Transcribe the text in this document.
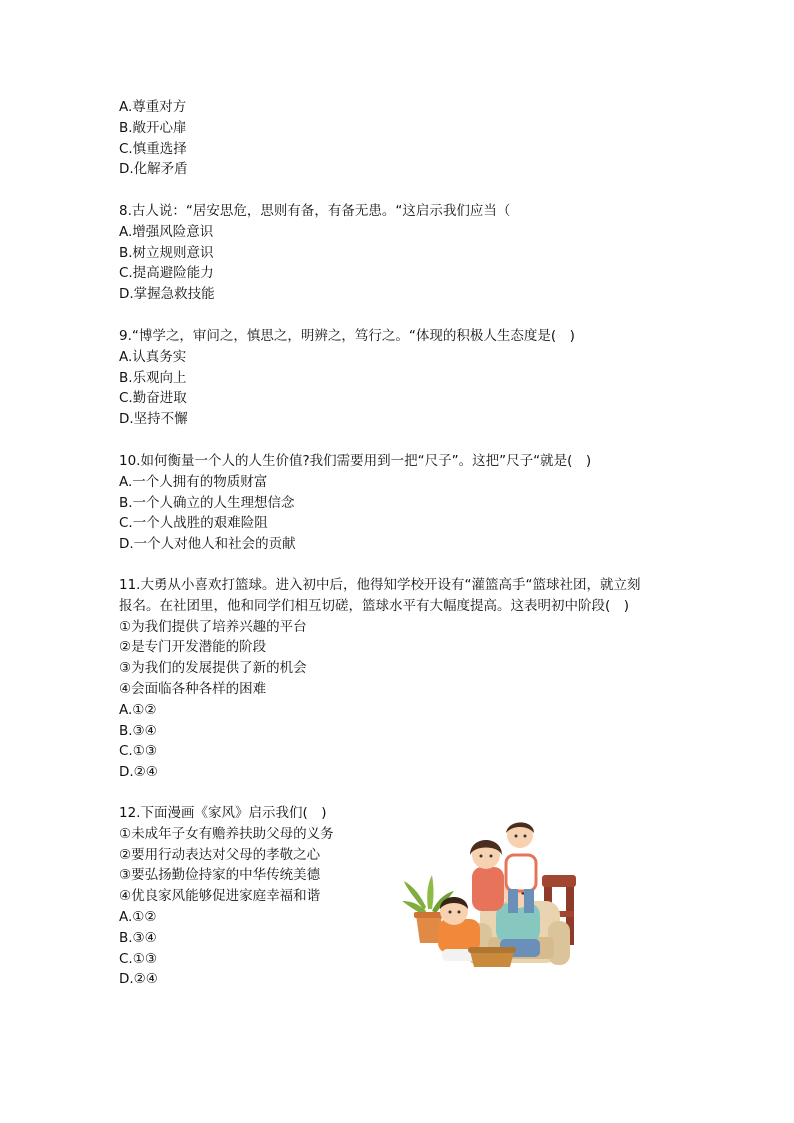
A.尊重对方
B.敞开心扉
C.慎重选择
D.化解矛盾
8.古人说：“居安思危，思则有备，有备无患。“这启示我们应当（
A.增强风险意识
B.树立规则意识
C.提高避险能力
D.掌握急救技能
9.“博学之，审问之，慎思之，明辨之，笃行之。“体现的积极人生态度是(　)
A.认真务实
B.乐观向上
C.勤奋进取
D.坚持不懈
10.如何衡量一个人的人生价值?我们需要用到一把“尺子”。这把”尺子“就是(　)
A.一个人拥有的物质财富
B.一个人确立的人生理想信念
C.一个人战胜的艰难险阻
D.一个人对他人和社会的贡献
11.大勇从小喜欢打篮球。进入初中后，他得知学校开设有“灌篮高手“篮球社团，就立刻
报名。在社团里，他和同学们相互切磋，篮球水平有大幅度提高。这表明初中阶段(　)
①为我们提供了培养兴趣的平台
②是专门开发潜能的阶段
③为我们的发展提供了新的机会
④会面临各种各样的困难
A.①②
B.③④
C.①③
D.②④
12.下面漫画《家风》启示我们(　)
①未成年子女有赡养扶助父母的义务
②要用行动表达对父母的孝敬之心
③要弘扬勤俭持家的中华传统美德
④优良家风能够促进家庭幸福和谐
A.①②
B.③④
C.①③
D.②④
